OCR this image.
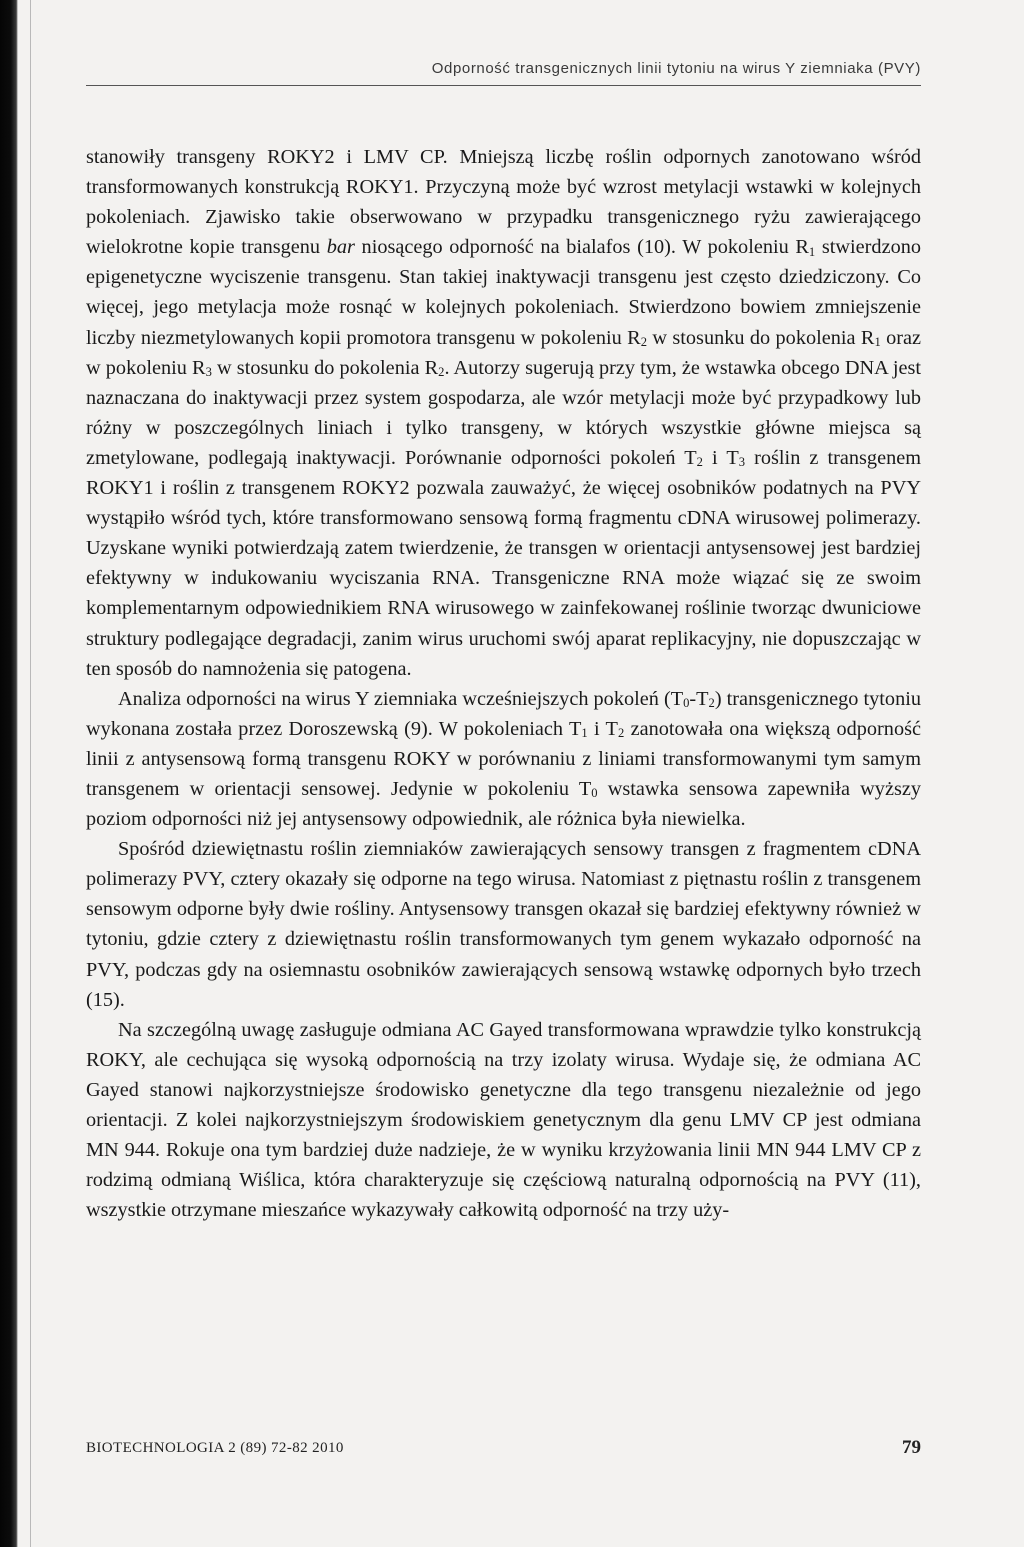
Odporność transgenicznych linii tytoniu na wirus Y ziemniaka (PVY)

stanowiły transgeny ROKY2 i LMV CP. Mniejszą liczbę roślin odpornych zanotowano wśród transformowanych konstrukcją ROKY1. Przyczyną może być wzrost metylacji wstawki w kolejnych pokoleniach. Zjawisko takie obserwowano w przypadku transgenicznego ryżu zawierającego wielokrotne kopie transgenu bar niosącego odporność na bialafos (10). W pokoleniu $R_1$ stwierdzono epigenetyczne wyciszenie transgenu. Stan takiej inaktywacji transgenu jest często dziedziczony. Co więcej, jego metylacja może rosnąć w kolejnych pokoleniach. Stwierdzono bowiem zmniejszenie liczby niezmetylowanych kopii promotora transgenu w pokoleniu $R_2$ w stosunku do pokolenia $R_1$ oraz w pokoleniu $R_3$ w stosunku do pokolenia $R_2$. Autorzy sugerują przy tym, że wstawka obcego DNA jest naznaczana do inaktywacji przez system gospodarza, ale wzór metylacji może być przypadkowy lub różny w poszczególnych liniach i tylko transgeny, w których wszystkie główne miejsca są zmetylowane, podlegają inaktywacji. Porównanie odporności pokoleń $T_2$ i $T_3$ roślin z transgenem ROKY1 i roślin z transgenem ROKY2 pozwala zauważyć, że więcej osobników podatnych na PVY wystąpiło wśród tych, które transformowano sensową formą fragmentu cDNA wirusowej polimerazy. Uzyskane wyniki potwierdzają zatem twierdzenie, że transgen w orientacji antysensowej jest bardziej efektywny w indukowaniu wyciszania RNA. Transgeniczne RNA może wiązać się ze swoim komplementarnym odpowiednikiem RNA wirusowego w zainfekowanej roślinie tworząc dwuniciowe struktury podlegające degradacji, zanim wirus uruchomi swój aparat replikacyjny, nie dopuszczając w ten sposób do namnożenia się patogena.

Analiza odporności na wirus Y ziemniaka wcześniejszych pokoleń $(T_0-T_2)$ transgenicznego tytoniu wykonana została przez Doroszewską (9). W pokoleniach $T_1$ i $T_2$ zanotowała ona większą odporność linii z antysensową formą transgenu ROKY w porównaniu z liniami transformowanymi tym samym transgenem w orientacji sensowej. Jedynie w pokoleniu $T_0$ wstawka sensowa zapewniła wyższy poziom odporności niż jej antysensowy odpowiednik, ale różnica była niewielka.

Spośród dziewiętnastu roślin ziemniaków zawierających sensowy transgen z fragmentem cDNA polimerazy PVY, cztery okazały się odporne na tego wirusa. Natomiast z piętnastu roślin z transgenem sensowym odporne były dwie rośliny. Antysensowy transgen okazał się bardziej efektywny również w tytoniu, gdzie cztery z dziewiętnastu roślin transformowanych tym genem wykazało odporność na PVY, podczas gdy na osiemnastu osobników zawierających sensową wstawkę odpornych było trzech (15).

Na szczególną uwagę zasługuje odmiana AC Gayed transformowana wprawdzie tylko konstrukcją ROKY, ale cechująca się wysoką odpornością na trzy izolaty wirusa. Wydaje się, że odmiana AC Gayed stanowi najkorzystniejsze środowisko genetyczne dla tego transgenu niezależnie od jego orientacji. Z kolei najkorzystniejszym środowiskiem genetycznym dla genu LMV CP jest odmiana MN 944. Rokuje ona tym bardziej duże nadzieje, że w wyniku krzyżowania linii MN 944 LMV CP z rodzimą odmianą Wiślica, która charakteryzuje się częściową naturalną odpornością na PVY (11), wszystkie otrzymane mieszańce wykazywały całkowitą odporność na trzy uży-

BIOTECHNOLOGIA 2 (89) 72-82 2010	79
